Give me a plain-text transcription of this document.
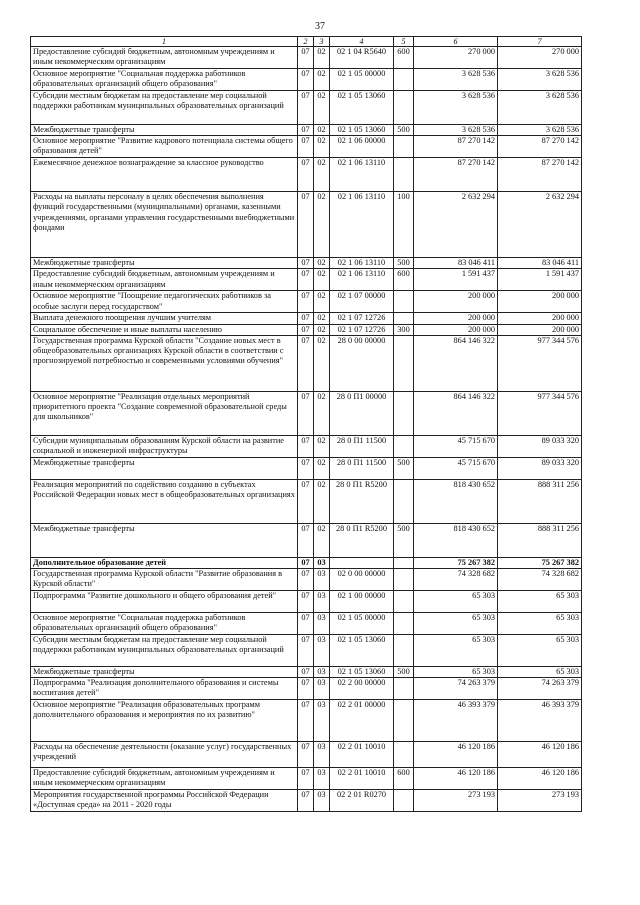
37
1	2	3	4	5	6	7
Предоставление субсидий бюджетным, автономным учреждениям и иным некоммерческим организациям	07	02	02 1 04 R5640	600	270 000	270 000
Основное мероприятие "Социальная поддержка работников образовательных организаций общего образования"	07	02	02 1 05 00000		3 628 536	3 628 536
Субсидии местным бюджетам на предоставление мер социальной поддержки работникам муниципальных образовательных организаций	07	02	02 1 05 13060		3 628 536	3 628 536
Межбюджетные трансферты	07	02	02 1 05 13060	500	3 628 536	3 628 536
Основное мероприятие "Развитие кадрового потенциала системы общего образования детей"	07	02	02 1 06 00000		87 270 142	87 270 142
Ежемесячное денежное вознаграждение за классное руководство	07	02	02 1 06 13110		87 270 142	87 270 142
Расходы на выплаты персоналу в целях обеспечения выполнения функций государственными (муниципальными) органами, казенными учреждениями, органами управления государственными внебюджетными фондами	07	02	02 1 06 13110	100	2 632 294	2 632 294
Межбюджетные трансферты	07	02	02 1 06 13110	500	83 046 411	83 046 411
Предоставление субсидий бюджетным, автономным учреждениям и иным некоммерческим организациям	07	02	02 1 06 13110	600	1 591 437	1 591 437
Основное мероприятие "Поощрение педагогических работников за особые заслуги перед государством"	07	02	02 1 07 00000		200 000	200 000
Выплата денежного поощрения лучшим учителям	07	02	02 1 07 12726		200 000	200 000
Социальное обеспечение и иные выплаты населению	07	02	02 1 07 12726	300	200 000	200 000
Государственная программа Курской области "Создание новых мест в общеобразовательных организациях Курской области в соответствии с прогнозируемой потребностью и современными условиями обучения"	07	02	28 0 00 00000		864 146 322	977 344 576
Основное мероприятие "Реализация отдельных мероприятий приоритетного проекта "Создание современной образовательной среды для школьников"	07	02	28 0 П1 00000		864 146 322	977 344 576
Субсидии муниципальным образованиям Курской области на развитие социальной и инженерной инфраструктуры	07	02	28 0 П1 11500		45 715 670	89 033 320
Межбюджетные трансферты	07	02	28 0 П1 11500	500	45 715 670	89 033 320
Реализация мероприятий по содействию созданию в субъектах Российской Федерации новых мест в общеобразовательных организациях	07	02	28 0 П1 R5200		818 430 652	888 311 256
Межбюджетные трансферты	07	02	28 0 П1 R5200	500	818 430 652	888 311 256
Дополнительное образование детей	07	03			75 267 382	75 267 382
Государственная программа Курской области "Развитие образования в Курской области"	07	03	02 0 00 00000		74 328 682	74 328 682
Подпрограмма "Развитие дошкольного и общего образования детей"	07	03	02 1 00 00000		65 303	65 303
Основное мероприятие "Социальная поддержка работников образовательных организаций общего образования"	07	03	02 1 05 00000		65 303	65 303
Субсидии местным бюджетам на предоставление мер социальной поддержки работникам муниципальных образовательных организаций	07	03	02 1 05 13060		65 303	65 303
Межбюджетные трансферты	07	03	02 1 05 13060	500	65 303	65 303
Подпрограмма "Реализация дополнительного образования и системы воспитания детей"	07	03	02 2 00 00000		74 263 379	74 263 379
Основное мероприятие "Реализация образовательных программ дополнительного образования и мероприятия по их развитию"	07	03	02 2 01 00000		46 393 379	46 393 379
Расходы на обеспечение деятельности (оказание услуг) государственных учреждений	07	03	02 2 01 10010		46 120 186	46 120 186
Предоставление субсидий бюджетным, автономным учреждениям и иным некоммерческим организациям	07	03	02 2 01 10010	600	46 120 186	46 120 186
Мероприятия государственной программы Российской Федерации «Доступная среда» на 2011 - 2020 годы	07	03	02 2 01 R0270		273 193	273 193
